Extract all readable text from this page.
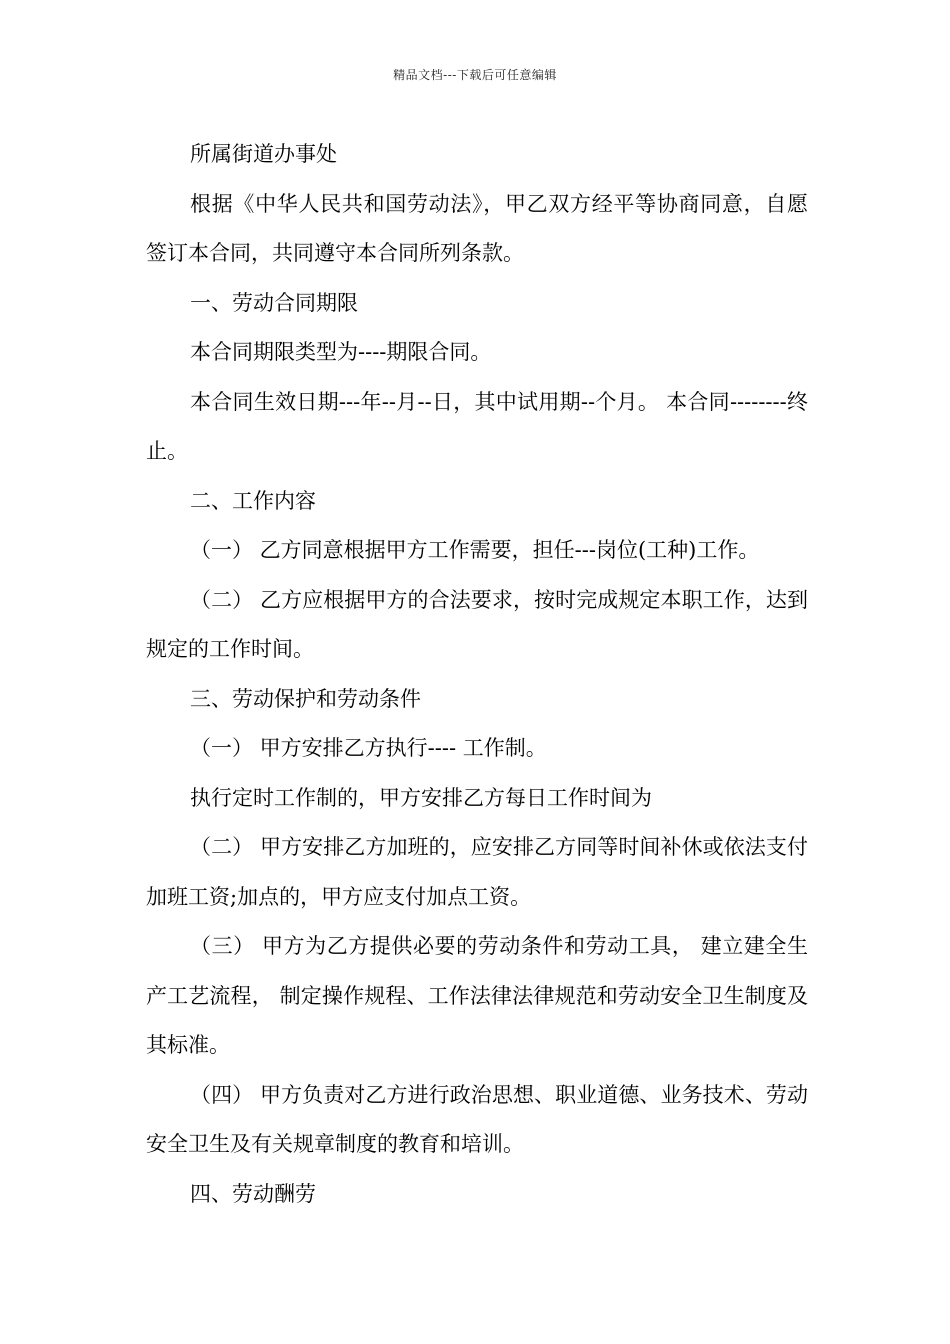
精品文档---下载后可任意编辑

所属街道办事处

根据《中华人民共和国劳动法》，甲乙双方经平等协商同意，自愿签订本合同，共同遵守本合同所列条款。

一、劳动合同期限

本合同期限类型为----期限合同。

本合同生效日期---年--月--日，其中试用期--个月。 本合同--------终止。

二、工作内容

（一） 乙方同意根据甲方工作需要，担任---岗位(工种)工作。

（二） 乙方应根据甲方的合法要求，按时完成规定本职工作，达到规定的工作时间。

三、劳动保护和劳动条件

（一） 甲方安排乙方执行---- 工作制。

执行定时工作制的，甲方安排乙方每日工作时间为

（二） 甲方安排乙方加班的，应安排乙方同等时间补休或依法支付加班工资;加点的，甲方应支付加点工资。

（三） 甲方为乙方提供必要的劳动条件和劳动工具， 建立建全生产工艺流程， 制定操作规程、工作法律法律规范和劳动安全卫生制度及其标准。

（四） 甲方负责对乙方进行政治思想、职业道德、业务技术、劳动安全卫生及有关规章制度的教育和培训。

四、劳动酬劳
